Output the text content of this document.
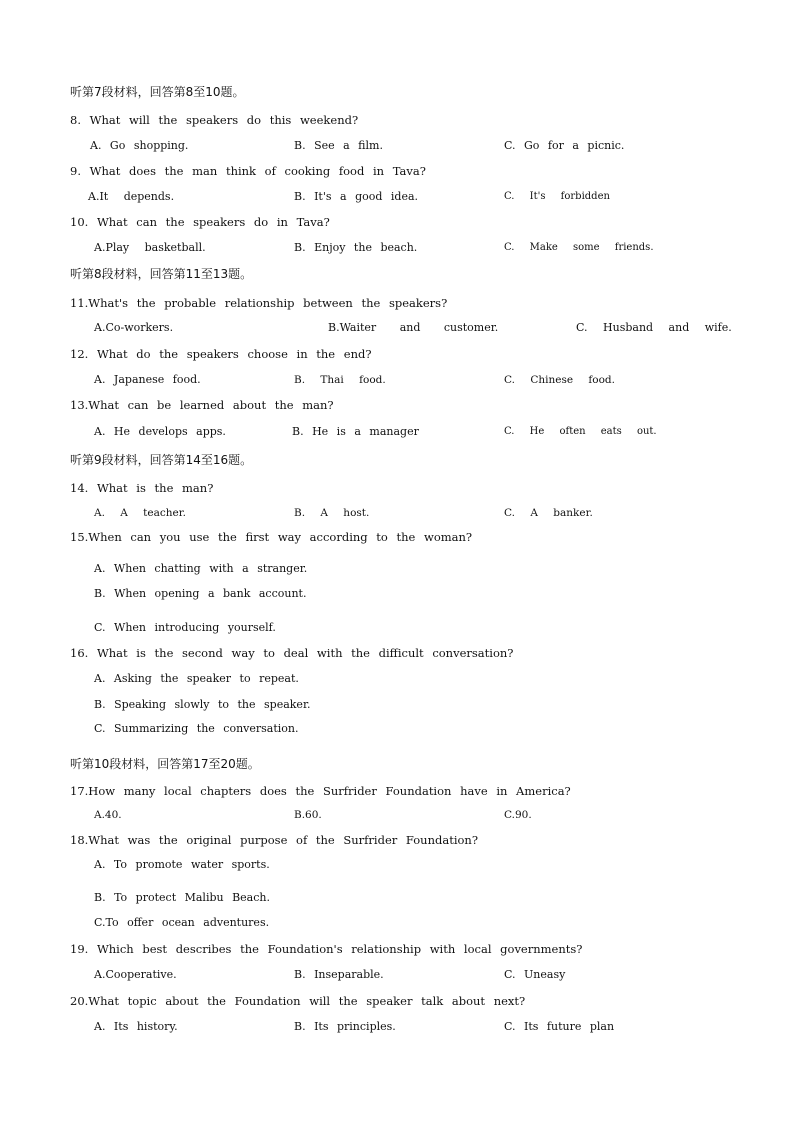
听第7段材料，回答第8至10题。
8. What will the speakers do this weekend?
A. Go shopping.	B. See a film.	C. Go for a picnic.
9. What does the man think of cooking food in Tava?
A.It depends.	B. It's a good idea.	C. It's forbidden
10. What can the speakers do in Tava?
A.Play basketball.	B. Enjoy the beach.	C. Make some friends.
听第8段材料，回答第11至13题。
11.What's the probable relationship between the speakers?
A.Co-workers.	B.Waiter and customer.	C. Husband and wife.
12. What do the speakers choose in the end?
A. Japanese food.	B. Thai food.	C. Chinese food.
13.What can be learned about the man?
A. He develops apps.	B. He is a manager	C. He often eats out.
听第9段材料，回答第14至16题。
14. What is the man?
A. A teacher.	B. A host.	C. A banker.
15.When can you use the first way according to the woman?
A. When chatting with a stranger.
B. When opening a bank account.
C. When introducing yourself.
16. What is the second way to deal with the difficult conversation?
A. Asking the speaker to repeat.
B. Speaking slowly to the speaker.
C. Summarizing the conversation.
听第10段材料，回答第17至20题。
17.How many local chapters does the Surfrider Foundation have in America?
A.40.	B.60.	C.90.
18.What was the original purpose of the Surfrider Foundation?
A. To promote water sports.
B. To protect Malibu Beach.
C.To offer ocean adventures.
19. Which best describes the Foundation's relationship with local governments?
A.Cooperative.	B. Inseparable.	C. Uneasy
20.What topic about the Foundation will the speaker talk about next?
A. Its history.	B. Its principles.	C. Its future plan
